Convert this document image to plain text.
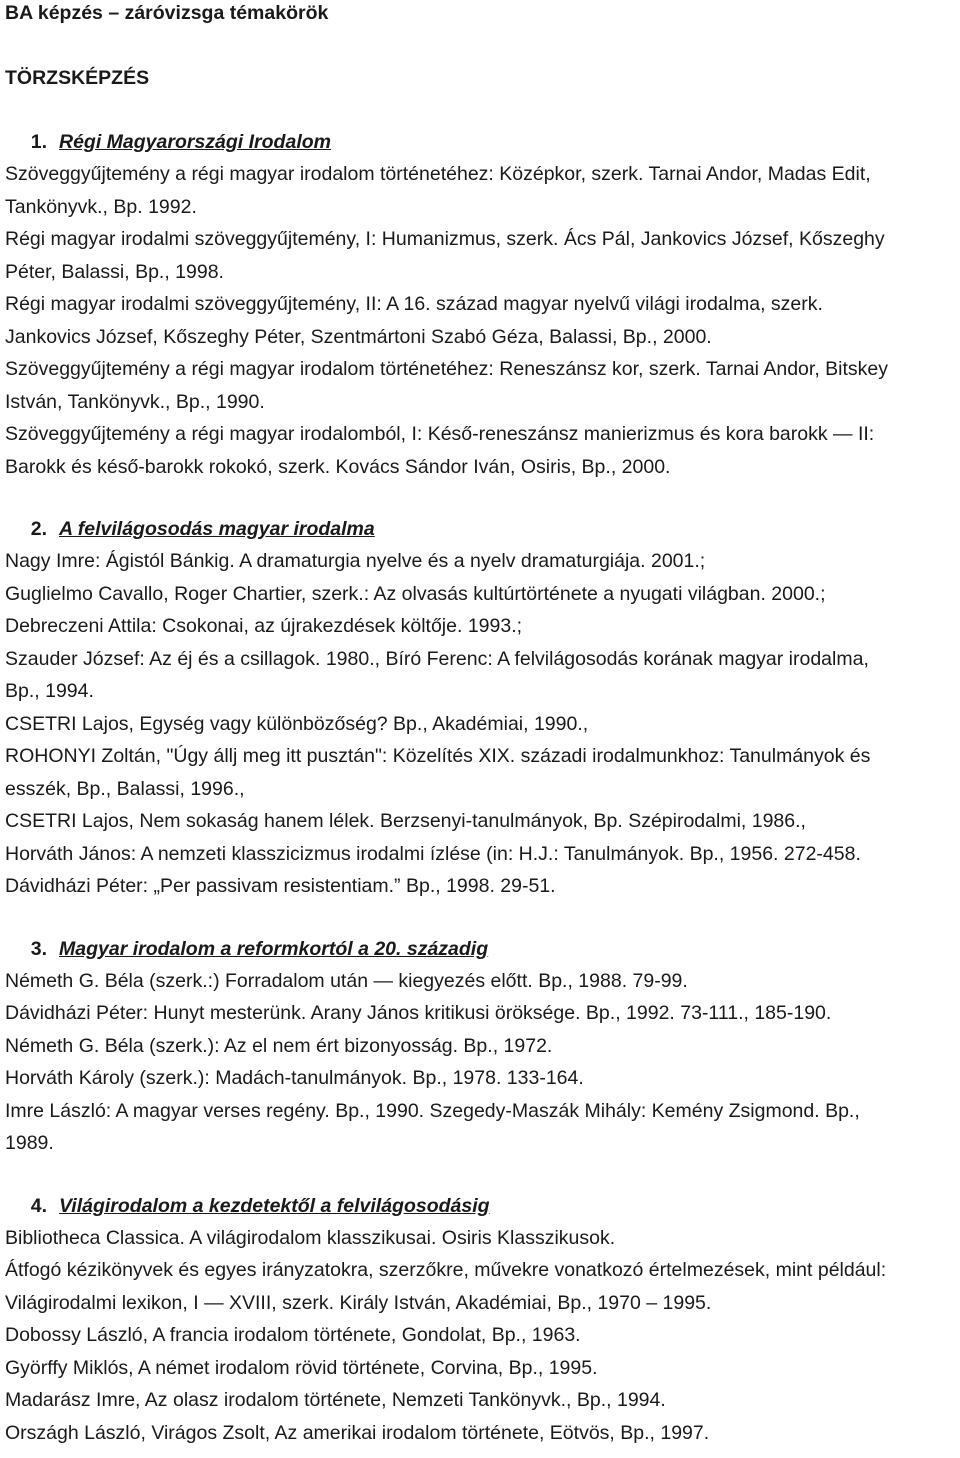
BA képzés – záróvizsga témakörök
TÖRZSKÉPZÉS
1. Régi Magyarországi Irodalom
Szöveggyűjtemény a régi magyar irodalom történetéhez: Középkor, szerk. Tarnai Andor, Madas Edit,
Tankönyvk., Bp. 1992.
Régi magyar irodalmi szöveggyűjtemény, I: Humanizmus, szerk. Ács Pál, Jankovics József, Kőszeghy
Péter, Balassi, Bp., 1998.
Régi magyar irodalmi szöveggyűjtemény, II: A 16. század magyar nyelvű világi irodalma, szerk.
Jankovics József, Kőszeghy Péter, Szentmártoni Szabó Géza, Balassi, Bp., 2000.
Szöveggyűjtemény a régi magyar irodalom történetéhez: Reneszánsz kor, szerk. Tarnai Andor, Bitskey
István, Tankönyvk., Bp., 1990.
Szöveggyűjtemény a régi magyar irodalomból, I: Késő-reneszánsz manierizmus és kora barokk — II:
Barokk és késő-barokk rokokó, szerk. Kovács Sándor Iván, Osiris, Bp., 2000.
2. A felvilágosodás magyar irodalma
Nagy Imre: Ágistól Bánkig. A dramaturgia nyelve és a nyelv dramaturgiája. 2001.;
Guglielmo Cavallo, Roger Chartier, szerk.: Az olvasás kultúrtörténete a nyugati világban. 2000.;
Debreczeni Attila: Csokonai, az újrakezdések költője. 1993.;
Szauder József: Az éj és a csillagok. 1980., Bíró Ferenc: A felvilágosodás korának magyar irodalma,
Bp., 1994.
CSETRI Lajos, Egység vagy különbözőség? Bp., Akadémiai, 1990.,
ROHONYI Zoltán, "Úgy állj meg itt pusztán": Közelítés XIX. századi irodalmunkhoz: Tanulmányok és
esszék, Bp., Balassi, 1996.,
CSETRI Lajos, Nem sokaság hanem lélek. Berzsenyi-tanulmányok, Bp. Szépirodalmi, 1986.,
Horváth János: A nemzeti klasszicizmus irodalmi ízlése (in: H.J.: Tanulmányok. Bp., 1956. 272-458.
Dávidházi Péter: „Per passivam resistentiam.” Bp., 1998. 29-51.
3. Magyar irodalom a reformkortól a 20. századig
Németh G. Béla (szerk.:) Forradalom után — kiegyezés előtt. Bp., 1988. 79-99.
Dávidházi Péter: Hunyt mesterünk. Arany János kritikusi öröksége. Bp., 1992. 73-111., 185-190.
Németh G. Béla (szerk.): Az el nem ért bizonyosság. Bp., 1972.
Horváth Károly (szerk.): Madách-tanulmányok. Bp., 1978. 133-164.
Imre László: A magyar verses regény. Bp., 1990. Szegedy-Maszák Mihály: Kemény Zsigmond. Bp.,
1989.
4. Világirodalom a kezdetektől a felvilágosodásig
Bibliotheca Classica. A világirodalom klasszikusai. Osiris Klasszikusok.
Átfogó kézikönyvek és egyes irányzatokra, szerzőkre, művekre vonatkozó értelmezések, mint például:
Világirodalmi lexikon, I — XVIII, szerk. Király István, Akadémiai, Bp., 1970 – 1995.
Dobossy László, A francia irodalom története, Gondolat, Bp., 1963.
Györffy Miklós, A német irodalom rövid története, Corvina, Bp., 1995.
Madarász Imre, Az olasz irodalom története, Nemzeti Tankönyvk., Bp., 1994.
Országh László, Virágos Zsolt, Az amerikai irodalom története, Eötvös, Bp., 1997.
